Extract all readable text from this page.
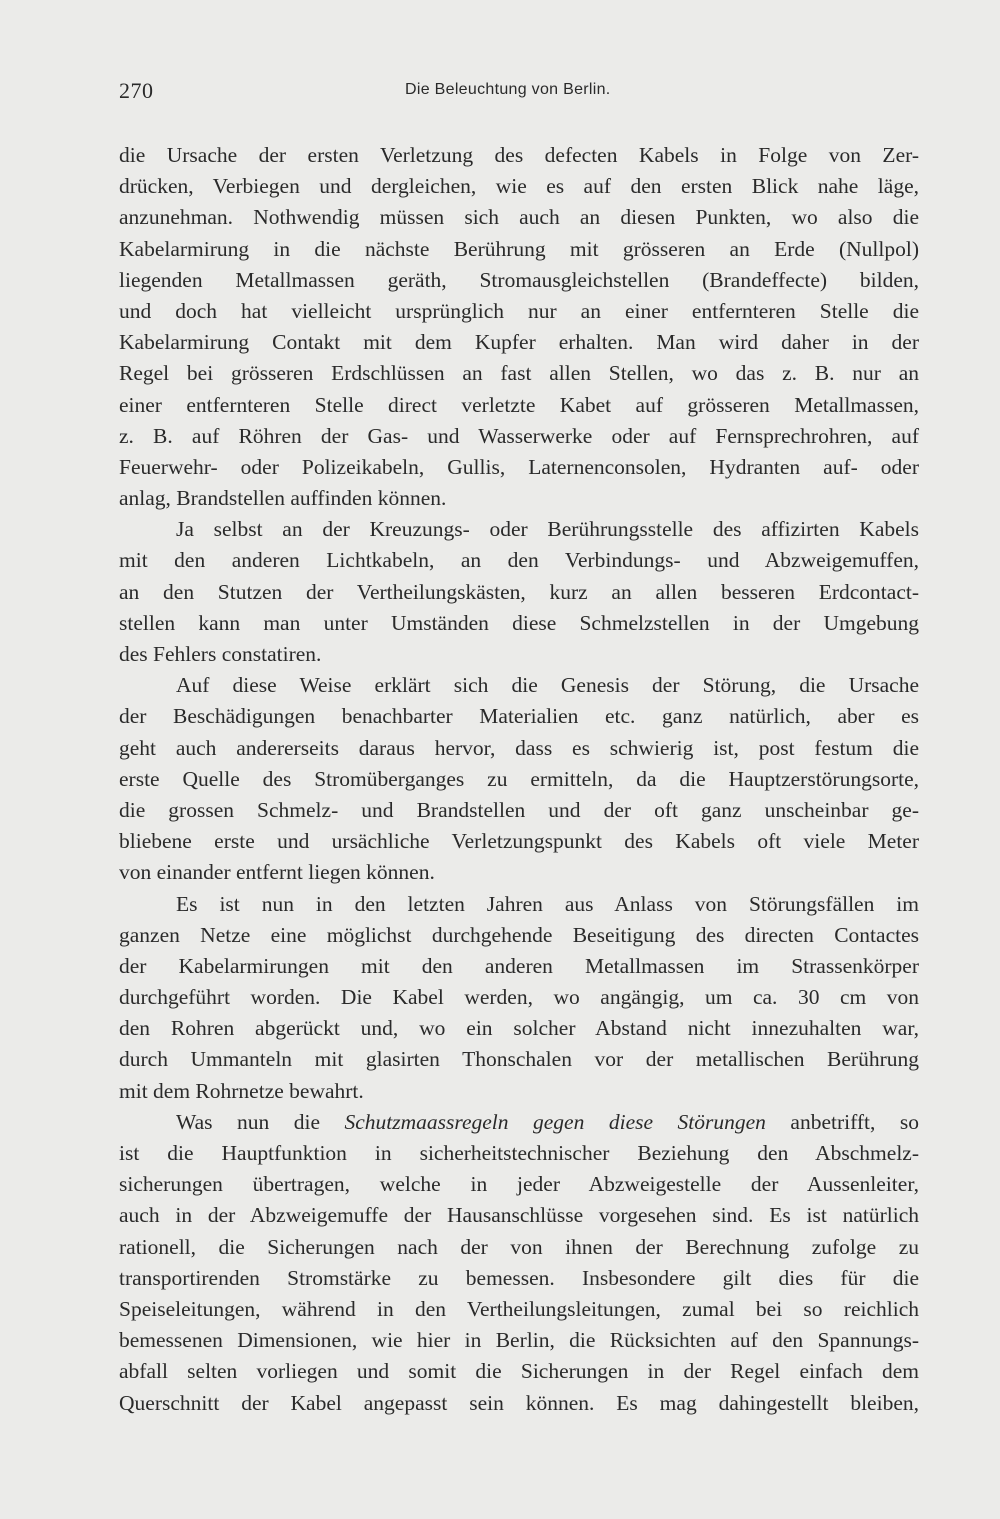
270	Die Beleuchtung von Berlin.
die Ursache der ersten Verletzung des defecten Kabels in Folge von Zer-
drücken, Verbiegen und dergleichen, wie es auf den ersten Blick nahe läge,
anzunehman. Nothwendig müssen sich auch an diesen Punkten, wo also die
Kabelarmirung in die nächste Berührung mit grösseren an Erde (Nullpol)
liegenden Metallmassen geräth, Stromausgleichstellen (Brandeffecte) bilden,
und doch hat vielleicht ursprünglich nur an einer entfernteren Stelle die
Kabelarmirung Contakt mit dem Kupfer erhalten. Man wird daher in der
Regel bei grösseren Erdschlüssen an fast allen Stellen, wo das z. B. nur an
einer entfernteren Stelle direct verletzte Kabet auf grösseren Metallmassen,
z. B. auf Röhren der Gas- und Wasserwerke oder auf Fernsprechrohren, auf
Feuerwehr- oder Polizeikabeln, Gullis, Laternenconsolen, Hydranten auf- oder
anlag, Brandstellen auffinden können.
Ja selbst an der Kreuzungs- oder Berührungsstelle des affizirten Kabels
mit den anderen Lichtkabeln, an den Verbindungs- und Abzweigemuffen,
an den Stutzen der Vertheilungskästen, kurz an allen besseren Erdcontact-
stellen kann man unter Umständen diese Schmelzstellen in der Umgebung
des Fehlers constatiren.
Auf diese Weise erklärt sich die Genesis der Störung, die Ursache
der Beschädigungen benachbarter Materialien etc. ganz natürlich, aber es
geht auch andererseits daraus hervor, dass es schwierig ist, post festum die
erste Quelle des Stromüberganges zu ermitteln, da die Hauptzerstörungsorte,
die grossen Schmelz- und Brandstellen und der oft ganz unscheinbar ge-
bliebene erste und ursächliche Verletzungspunkt des Kabels oft viele Meter
von einander entfernt liegen können.
Es ist nun in den letzten Jahren aus Anlass von Störungsfällen im
ganzen Netze eine möglichst durchgehende Beseitigung des directen Contactes
der Kabelarmirungen mit den anderen Metallmassen im Strassenkörper
durchgeführt worden. Die Kabel werden, wo angängig, um ca. 30 cm von
den Rohren abgerückt und, wo ein solcher Abstand nicht innezuhalten war,
durch Ummanteln mit glasirten Thonschalen vor der metallischen Berührung
mit dem Rohrnetze bewahrt.
Was nun die Schutzmaassregeln gegen diese Störungen anbetrifft, so
ist die Hauptfunktion in sicherheitstechnischer Beziehung den Abschmelz-
sicherungen übertragen, welche in jeder Abzweigestelle der Aussenleiter,
auch in der Abzweigemuffe der Hausanschlüsse vorgesehen sind. Es ist natürlich
rationell, die Sicherungen nach der von ihnen der Berechnung zufolge zu
transportirenden Stromstärke zu bemessen. Insbesondere gilt dies für die
Speiseleitungen, während in den Vertheilungsleitungen, zumal bei so reichlich
bemessenen Dimensionen, wie hier in Berlin, die Rücksichten auf den Spannungs-
abfall selten vorliegen und somit die Sicherungen in der Regel einfach dem
Querschnitt der Kabel angepasst sein können. Es mag dahingestellt bleiben,
